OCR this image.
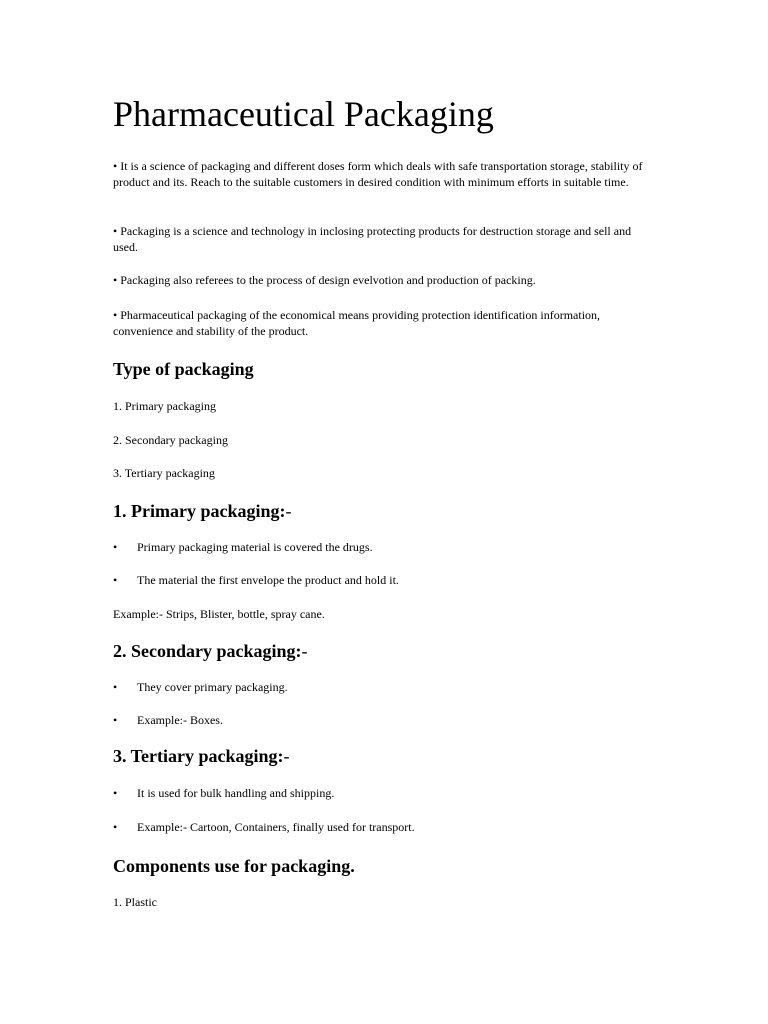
Pharmaceutical Packaging

• It is a science of packaging and different doses form which deals with safe transportation storage, stability of product and its. Reach to the suitable customers in desired condition with minimum efforts in suitable time.

• Packaging is a science and technology in inclosing protecting products for destruction storage and sell and used.

• Packaging also referees to the process of design evelvotion and production of packing.

• Pharmaceutical packaging of the economical means providing protection identification information, convenience and stability of the product.

Type of packaging
1. Primary packaging
2. Secondary packaging
3. Tertiary packaging
1. Primary packaging:-
• Primary packaging material is covered the drugs.
• The material the first envelope the product and hold it.
Example:- Strips, Blister, bottle, spray cane.
2. Secondary packaging:-
• They cover primary packaging.
• Example:- Boxes.
3. Tertiary packaging:-
• It is used for bulk handling and shipping.
• Example:- Cartoon, Containers, finally used for transport.
Components use for packaging.
1. Plastic
